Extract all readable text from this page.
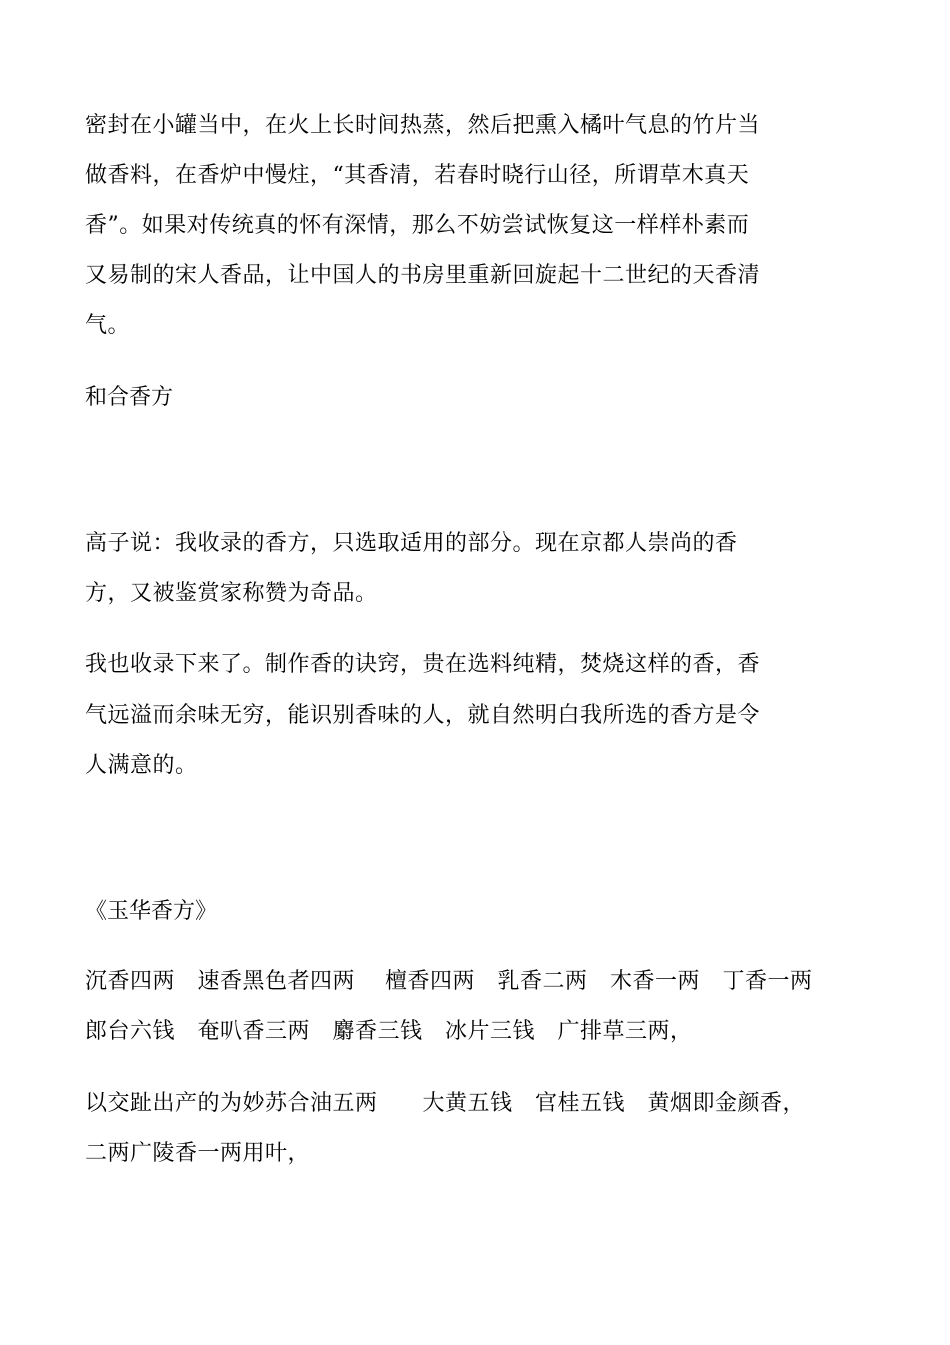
密封在小罐当中，在火上长时间热蒸，然后把熏入橘叶气息的竹片当
做香料，在香炉中慢炷，“其香清，若春时晓行山径，所谓草木真天
香”。如果对传统真的怀有深情，那么不妨尝试恢复这一样样朴素而
又易制的宋人香品，让中国人的书房里重新回旋起十二世纪的天香清
气。
和合香方
高子说：我收录的香方，只选取适用的部分。现在京都人崇尚的香
方，又被鉴赏家称赞为奇品。
我也收录下来了。制作香的诀窍，贵在选料纯精，焚烧这样的香，香
气远溢而余味无穷，能识别香味的人，就自然明白我所选的香方是令
人满意的。
《玉华香方》
沉香四两　速香黑色者四两　 檀香四两　乳香二两　木香一两　丁香一两
郎台六钱　奄叭香三两　麝香三钱　冰片三钱　广排草三两，
以交趾出产的为妙苏合油五两　　大黄五钱　官桂五钱　黄烟即金颜香，
二两广陵香一两用叶，
